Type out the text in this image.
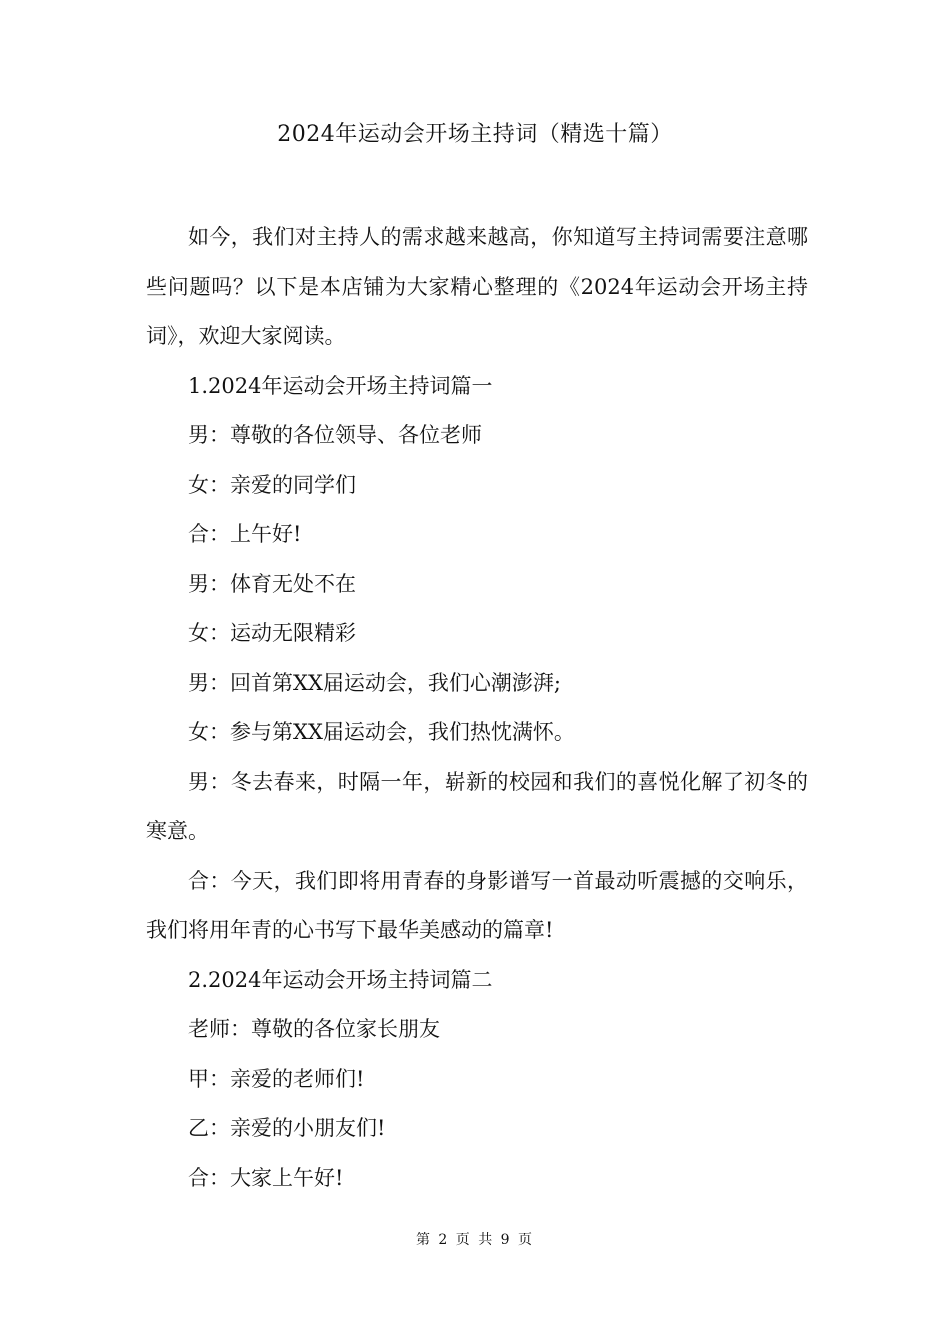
2024年运动会开场主持词（精选十篇）

如今，我们对主持人的需求越来越高，你知道写主持词需要注意哪些问题吗？以下是本店铺为大家精心整理的《2024年运动会开场主持词》，欢迎大家阅读。

1.2024年运动会开场主持词篇一

男：尊敬的各位领导、各位老师

女：亲爱的同学们

合：上午好!

男：体育无处不在

女：运动无限精彩

男：回首第XX届运动会，我们心潮澎湃;

女：参与第XX届运动会，我们热忱满怀。

男：冬去春来，时隔一年，崭新的校园和我们的喜悦化解了初冬的寒意。

合：今天，我们即将用青春的身影谱写一首最动听震撼的交响乐，我们将用年青的心书写下最华美感动的篇章!

2.2024年运动会开场主持词篇二

老师：尊敬的各位家长朋友

甲：亲爱的老师们!

乙：亲爱的小朋友们!

合：大家上午好!

第 2 页 共 9 页
